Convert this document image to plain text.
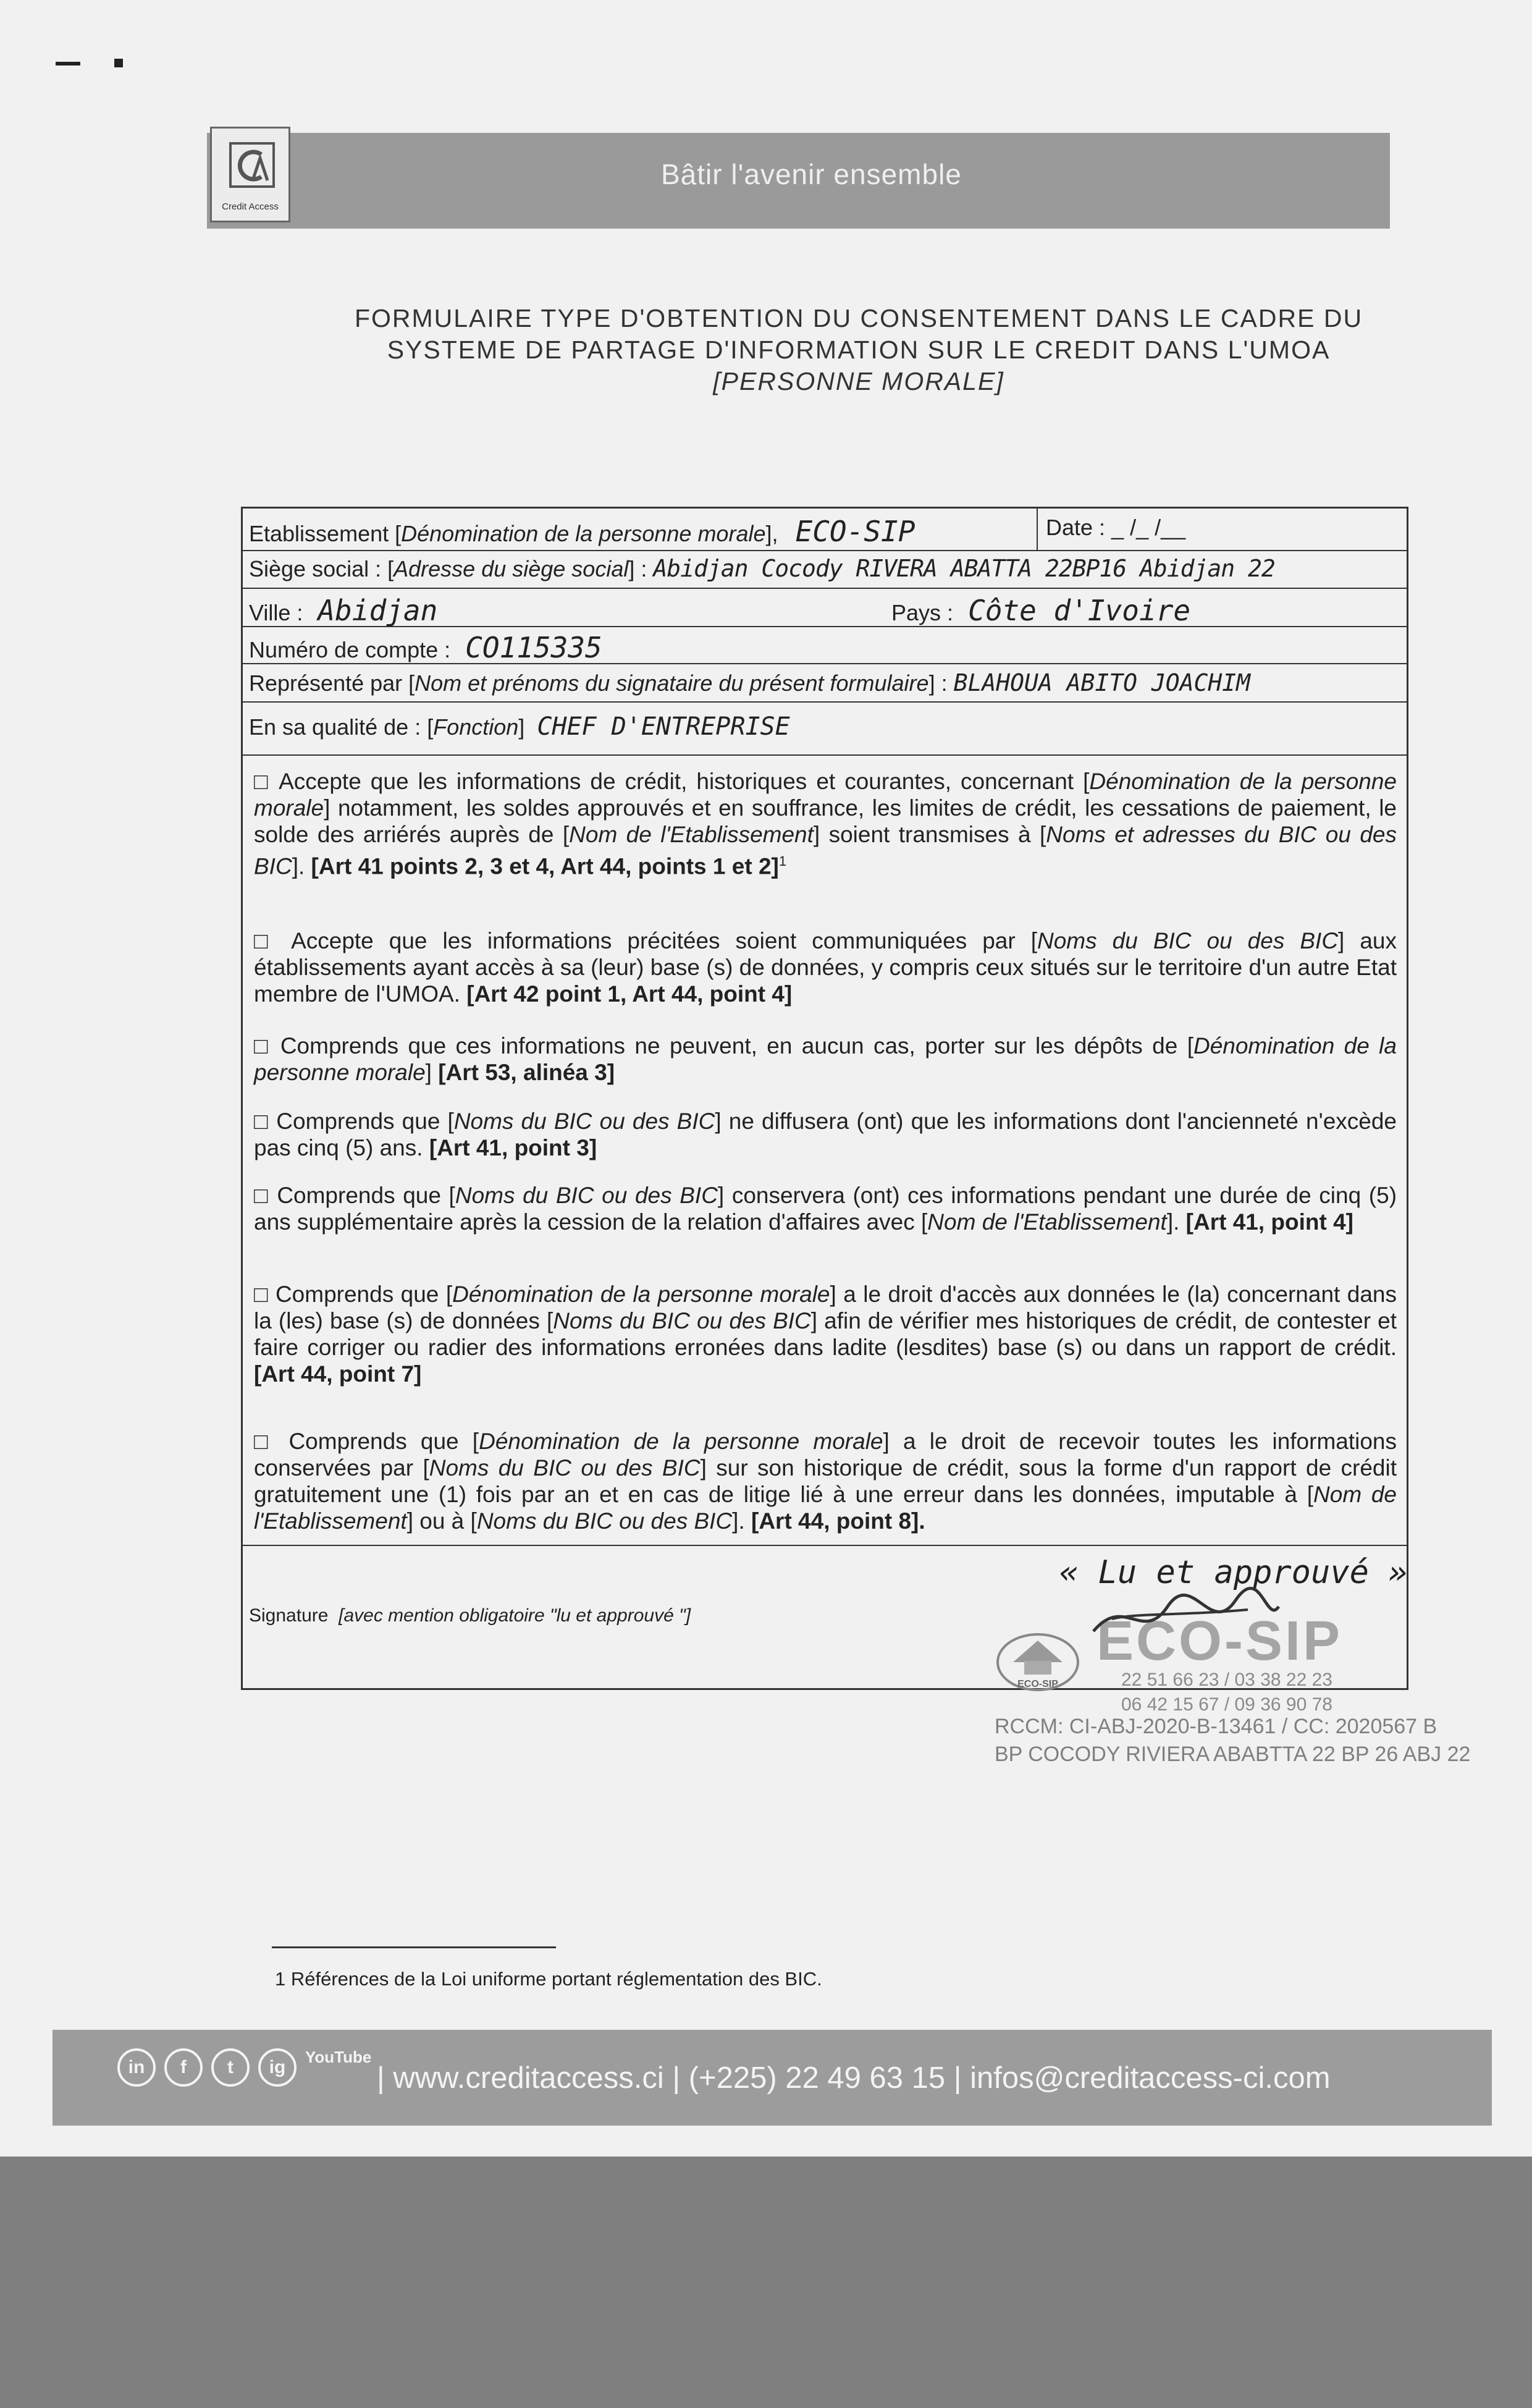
Credit Access
Bâtir l'avenir ensemble
FORMULAIRE TYPE D'OBTENTION DU CONSENTEMENT DANS LE CADRE DU
SYSTEME DE PARTAGE D'INFORMATION SUR LE CREDIT DANS L'UMOA
[PERSONNE MORALE]
Etablissement [Dénomination de la personne morale], ECO-SIP	Date : _ /_ /__
Siège social : [Adresse du siège social] : Abidjan Cocody RIVERA ABATTA 22BP16 Abidjan 22
Ville : Abidjan	Pays : Côte d'Ivoire
Numéro de compte : CO115335
Représenté par [Nom et prénoms du signataire du présent formulaire] : BLAHOUA ABITO JOACHIM
En sa qualité de : [Fonction] CHEF D'ENTREPRISE
□ Accepte que les informations de crédit, historiques et courantes, concernant [Dénomination de la personne morale] notamment, les soldes approuvés et en souffrance, les limites de crédit, les cessations de paiement, le solde des arriérés auprès de [Nom de l'Etablissement] soient transmises à [Noms et adresses du BIC ou des BIC]. [Art 41 points 2, 3 et 4, Art 44, points 1 et 2]$^1$
□ Accepte que les informations précitées soient communiquées par [Noms du BIC ou des BIC] aux établissements ayant accès à sa (leur) base (s) de données, y compris ceux situés sur le territoire d'un autre Etat membre de l'UMOA. [Art 42 point 1, Art 44, point 4]
□ Comprends que ces informations ne peuvent, en aucun cas, porter sur les dépôts de [Dénomination de la personne morale] [Art 53, alinéa 3]
□ Comprends que [Noms du BIC ou des BIC] ne diffusera (ont) que les informations dont l'ancienneté n'excède pas cinq (5) ans. [Art 41, point 3]
□ Comprends que [Noms du BIC ou des BIC] conservera (ont) ces informations pendant une durée de cinq (5) ans supplémentaire après la cession de la relation d'affaires avec [Nom de l'Etablissement]. [Art 41, point 4]
□ Comprends que [Dénomination de la personne morale] a le droit d'accès aux données le (la) concernant dans la (les) base (s) de données [Noms du BIC ou des BIC] afin de vérifier mes historiques de crédit, de contester et faire corriger ou radier des informations erronées dans ladite (lesdites) base (s) ou dans un rapport de crédit. [Art 44, point 7]
□ Comprends que [Dénomination de la personne morale] a le droit de recevoir toutes les informations conservées par [Noms du BIC ou des BIC] sur son historique de crédit, sous la forme d'un rapport de crédit gratuitement une (1) fois par an et en cas de litige lié à une erreur dans les données, imputable à [Nom de l'Etablissement] ou à [Noms du BIC ou des BIC]. [Art 44, point 8].
Signature [avec mention obligatoire "lu et approuvé "]
« Lu et approuvé »
ECO-SIP
ECO-SIP
22 51 66 23 / 03 38 22 23
06 42 15 67 / 09 36 90 78
RCCM: CI-ABJ-2020-B-13461 / CC: 2020567 B
BP COCODY RIVIERA ABABTTA 22 BP 26 ABJ 22
1 Références de la Loi uniforme portant réglementation des BIC.
in	f	t	ig	YouTube
| www.creditaccess.ci | (+225) 22 49 63 15 | infos@creditaccess-ci.com
